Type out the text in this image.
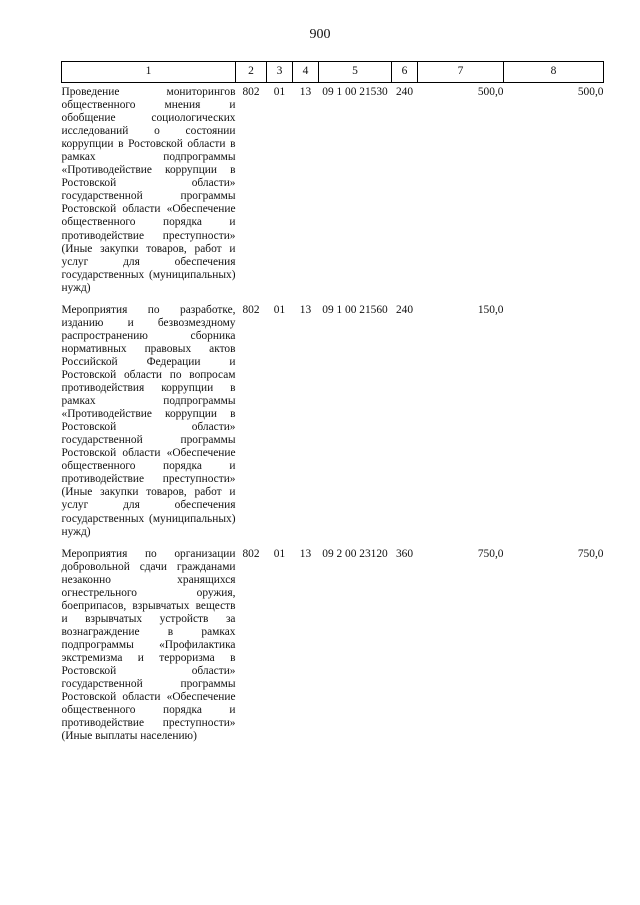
900
1	2	3	4	5	6	7	8
Проведение мониторингов общественного мнения и обобщение социологических исследований о состоянии коррупции в Ростовской области в рамках подпрограммы «Противодействие коррупции в Ростовской области» государственной программы Ростовской области «Обеспечение общественного порядка и противодействие преступности» (Иные закупки товаров, работ и услуг для обеспечения государственных (муниципальных) нужд)	802	01	13	09 1 00 21530	240	500,0	500,0
Мероприятия по разработке, изданию и безвозмездному распространению сборника нормативных правовых актов Российской Федерации и Ростовской области по вопросам противодействия коррупции в рамках подпрограммы «Противодействие коррупции в Ростовской области» государственной программы Ростовской области «Обеспечение общественного порядка и противодействие преступности» (Иные закупки товаров, работ и услуг для обеспечения государственных (муниципальных) нужд)	802	01	13	09 1 00 21560	240	150,0	
Мероприятия по организации добровольной сдачи гражданами незаконно хранящихся огнестрельного оружия, боеприпасов, взрывчатых веществ и взрывчатых устройств за вознаграждение в рамках подпрограммы «Профилактика экстремизма и терроризма в Ростовской области» государственной программы Ростовской области «Обеспечение общественного порядка и противодействие преступности» (Иные выплаты населению)	802	01	13	09 2 00 23120	360	750,0	750,0
